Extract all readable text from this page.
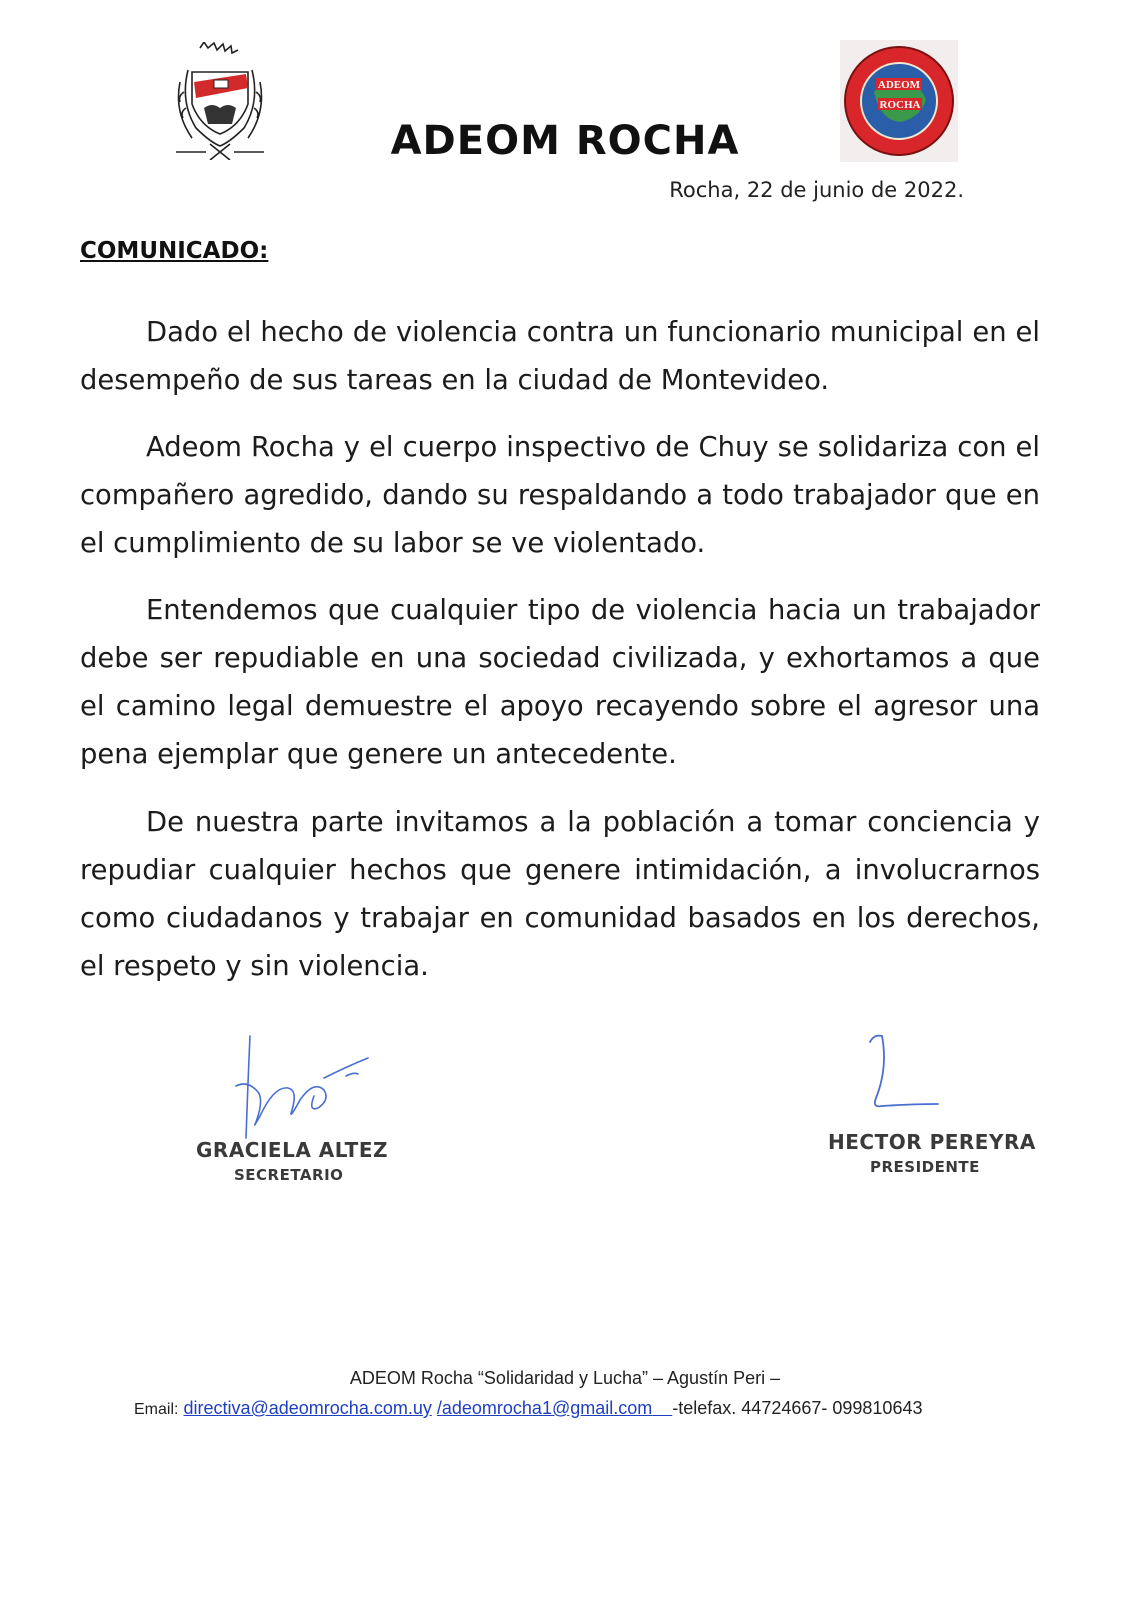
ADEOM
ROCHA
ADEOM ROCHA
Rocha, 22 de junio de 2022.
COMUNICADO:

Dado el hecho de violencia contra un funcionario municipal en el desempeño de sus tareas en la ciudad de Montevideo.

Adeom Rocha y el cuerpo inspectivo de Chuy se solidariza con el compañero agredido, dando su respaldando a todo trabajador que en el cumplimiento de su labor se ve violentado.

Entendemos que cualquier tipo de violencia hacia un trabajador debe ser repudiable en una sociedad civilizada, y exhortamos a que el camino legal demuestre el apoyo recayendo sobre el agresor una pena ejemplar que genere un antecedente.

De nuestra parte invitamos a la población a tomar conciencia y repudiar cualquier hechos que genere intimidación, a involucrarnos como ciudadanos y trabajar en comunidad basados en los derechos, el respeto y sin violencia.

GRACIELA ALTEZ
SECRETARIO
HECTOR PEREYRA
PRESIDENTE
ADEOM Rocha “Solidaridad y Lucha” – Agustín Peri –
Email: directiva@adeomrocha.com.uy /adeomrocha1@gmail.com -telefax. 44724667- 099810643
